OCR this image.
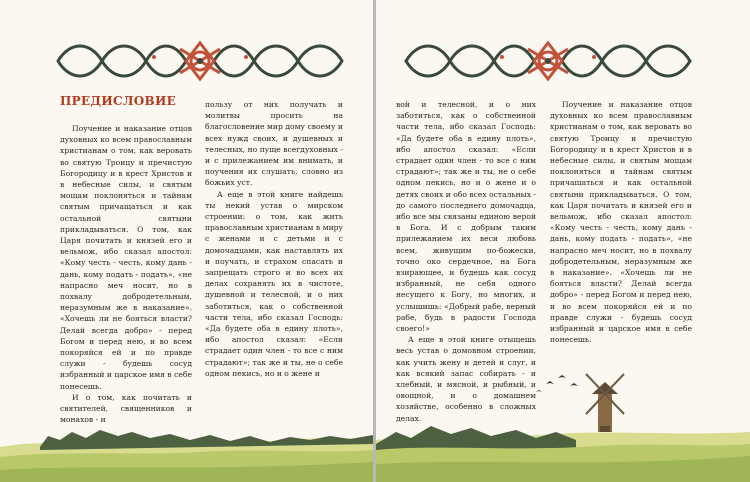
ПРЕДИСЛОВИЕ

Поучение и наказание отцов духовных ко всем православным христианам о том, как веровать во святую Троицу и пречистую Богородицу и в крест Христов и в небесные силы, и святым мощам поклоняться и тайнам святым причащаться и как остальной святыни прикладываться. О том, как Царя почитать и князей его и вельмож, ибо сказал апостол: «Кому честь - честь, кому дань - дань, кому подать - подать», «не напрасно меч носит, но в похвалу добродетельным, неразумным же в наказание». «Хочешь ли не бояться власти? Делай всегда добро» - перед Богом и перед нею, и во всем покоряйся ей и по правде служи - будешь сосуд избранный и царское имя в себе понесешь.

И о том, как почитать и святителей, священников и монахов - и

пользу от них получать и молитвы просить на благословение мир дому своему и всех нужд своих, и душевных и телесных, но пуще всегдуховных - и с прилежанием им внимать, и поучения их слушать, словно из божьих уст.

А еще в этой книге найдешь ты некий устав о мирском строении: о том, как жить православным христианам в миру с женами и с детьми и с домочадцами, как наставлять их и поучать, и страхом спасать и запрещать строго и во всех их делах сохранять их в чистоте, душевной и телесной, и о них заботиться, как о собственной части тела, ибо сказал Господь: «Да будете оба в едину плоть», ибо апостол сказал: «Если страдает один член - то все с ним страдают»; так же и ты, не о себе одном пекись, но и о жене и

вой и телесной, и о них заботиться, как о собственной части тела, ибо сказал Господь: «Да будете оба в едину плоть», ибо апостол сказал: «Если страдает один член - то все с ним страдают»; так же и ты, не о себе одном пекись, но и о жене и о детях своих и обо всех остальных - до самого последнего домочадца, ибо все мы связаны единою верой в Бога. И с добрым таким прилежанием их веси любовь всем, живущим по-божески, точно око сердечное, на Бога взирающее, и будешь как сосуд избранный, не себя одного несущего к Богу, но многих, и услышишь: «Добрый рабе, верный рабе, будь в радости Господа своего!»

А еще в этой книге отыщешь весь устав о домовном строении, как учить жену и детей и слуг, и как всякий запас собирать - и хлебный, и мясной, и рыбный, и овощной, и о домашнем хозяйстве, особенно в сложных делах.

Поучение и наказание отцов духовных ко всем православным христианам о том, как веровать во святую Троицу и пречистую Богородицу и в крест Христов и в небесные силы, и святым мощам поклоняться и тайнам святым причащаться и как остальной святыни прикладываться. О том, как Царя почитать и князей его и вельмож, ибо сказал апостол: «Кому честь - честь, кому дань - дань, кому подать - подать», «не напрасно меч носит, но в похвалу добродетельным, неразумным же в наказание». «Хочешь ли не бояться власти? Делай всегда добро» - перед Богом и перед нею, и во всем покоряйся ей и по правде служи - будешь сосуд избранный и царское имя в себе понесешь.
